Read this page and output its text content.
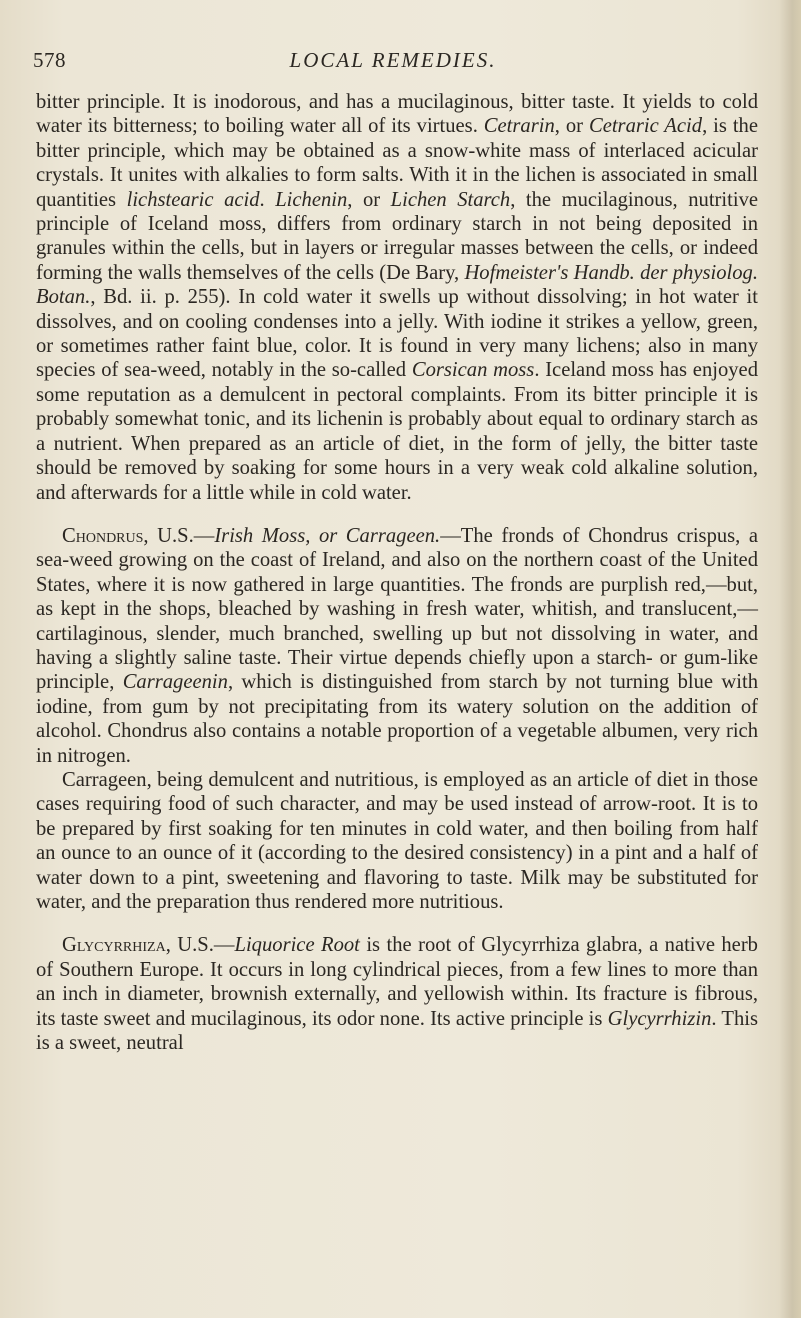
578	LOCAL REMEDIES.

bitter principle. It is inodorous, and has a mucilaginous, bitter taste. It yields to cold water its bitterness; to boiling water all of its virtues. Cetrarin, or Cetraric Acid, is the bitter principle, which may be obtained as a snow-white mass of interlaced acicular crystals. It unites with alkalies to form salts. With it in the lichen is associated in small quantities lichstearic acid. Lichenin, or Lichen Starch, the mucilaginous, nutritive principle of Iceland moss, differs from ordinary starch in not being deposited in granules within the cells, but in layers or irregular masses between the cells, or indeed forming the walls themselves of the cells (De Bary, Hofmeister's Handb. der physiolog. Botan., Bd. ii. p. 255). In cold water it swells up without dissolving; in hot water it dissolves, and on cooling condenses into a jelly. With iodine it strikes a yellow, green, or sometimes rather faint blue, color. It is found in very many lichens; also in many species of sea-weed, notably in the so-called Corsican moss. Iceland moss has enjoyed some reputation as a demulcent in pectoral complaints. From its bitter principle it is probably somewhat tonic, and its lichenin is probably about equal to ordinary starch as a nutrient. When prepared as an article of diet, in the form of jelly, the bitter taste should be removed by soaking for some hours in a very weak cold alkaline solution, and afterwards for a little while in cold water.

Chondrus, U.S.—Irish Moss, or Carrageen.—The fronds of Chondrus crispus, a sea-weed growing on the coast of Ireland, and also on the northern coast of the United States, where it is now gathered in large quantities. The fronds are purplish red,—but, as kept in the shops, bleached by washing in fresh water, whitish, and translucent,—cartilaginous, slender, much branched, swelling up but not dissolving in water, and having a slightly saline taste. Their virtue depends chiefly upon a starch- or gum-like principle, Carrageenin, which is distinguished from starch by not turning blue with iodine, from gum by not precipitating from its watery solution on the addition of alcohol. Chondrus also contains a notable proportion of a vegetable albumen, very rich in nitrogen.

Carrageen, being demulcent and nutritious, is employed as an article of diet in those cases requiring food of such character, and may be used instead of arrow-root. It is to be prepared by first soaking for ten minutes in cold water, and then boiling from half an ounce to an ounce of it (according to the desired consistency) in a pint and a half of water down to a pint, sweetening and flavoring to taste. Milk may be substituted for water, and the preparation thus rendered more nutritious.

Glycyrrhiza, U.S.—Liquorice Root is the root of Glycyrrhiza glabra, a native herb of Southern Europe. It occurs in long cylindrical pieces, from a few lines to more than an inch in diameter, brownish externally, and yellowish within. Its fracture is fibrous, its taste sweet and mucilaginous, its odor none. Its active principle is Glycyrrhizin. This is a sweet, neutral
